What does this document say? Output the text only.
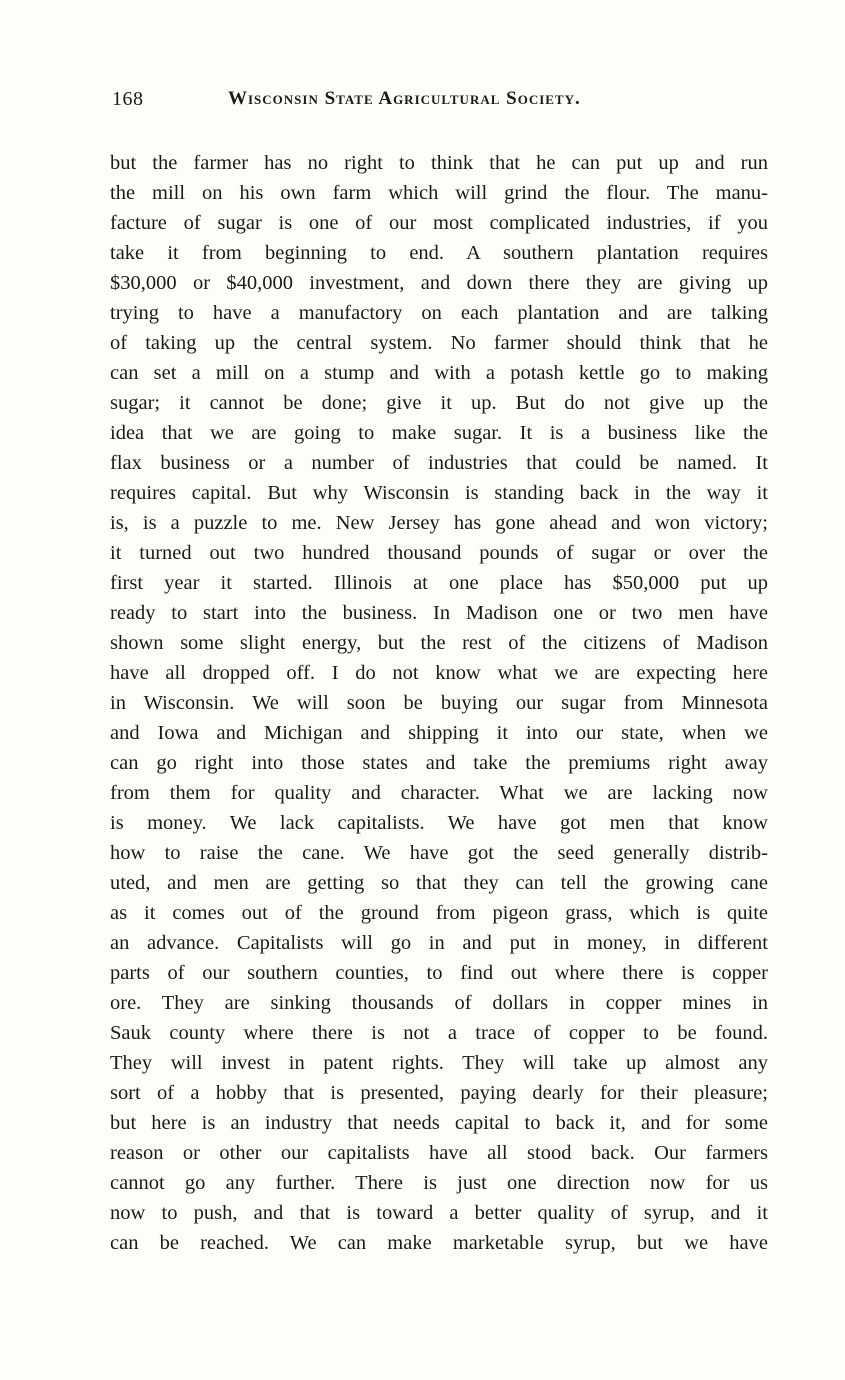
168	Wisconsin State Agricultural Society.
but the farmer has no right to think that he can put up and run
the mill on his own farm which will grind the flour. The manu-
facture of sugar is one of our most complicated industries, if you
take it from beginning to end. A southern plantation requires
$30,000 or $40,000 investment, and down there they are giving up
trying to have a manufactory on each plantation and are talking
of taking up the central system. No farmer should think that he
can set a mill on a stump and with a potash kettle go to making
sugar; it cannot be done; give it up. But do not give up the
idea that we are going to make sugar. It is a business like the
flax business or a number of industries that could be named. It
requires capital. But why Wisconsin is standing back in the way it
is, is a puzzle to me. New Jersey has gone ahead and won victory;
it turned out two hundred thousand pounds of sugar or over the
first year it started. Illinois at one place has $50,000 put up
ready to start into the business. In Madison one or two men have
shown some slight energy, but the rest of the citizens of Madison
have all dropped off. I do not know what we are expecting here
in Wisconsin. We will soon be buying our sugar from Minnesota
and Iowa and Michigan and shipping it into our state, when we
can go right into those states and take the premiums right away
from them for quality and character. What we are lacking now
is money. We lack capitalists. We have got men that know
how to raise the cane. We have got the seed generally distrib-
uted, and men are getting so that they can tell the growing cane
as it comes out of the ground from pigeon grass, which is quite
an advance. Capitalists will go in and put in money, in different
parts of our southern counties, to find out where there is copper
ore. They are sinking thousands of dollars in copper mines in
Sauk county where there is not a trace of copper to be found.
They will invest in patent rights. They will take up almost any
sort of a hobby that is presented, paying dearly for their pleasure;
but here is an industry that needs capital to back it, and for some
reason or other our capitalists have all stood back. Our farmers
cannot go any further. There is just one direction now for us
now to push, and that is toward a better quality of syrup, and it
can be reached. We can make marketable syrup, but we have
